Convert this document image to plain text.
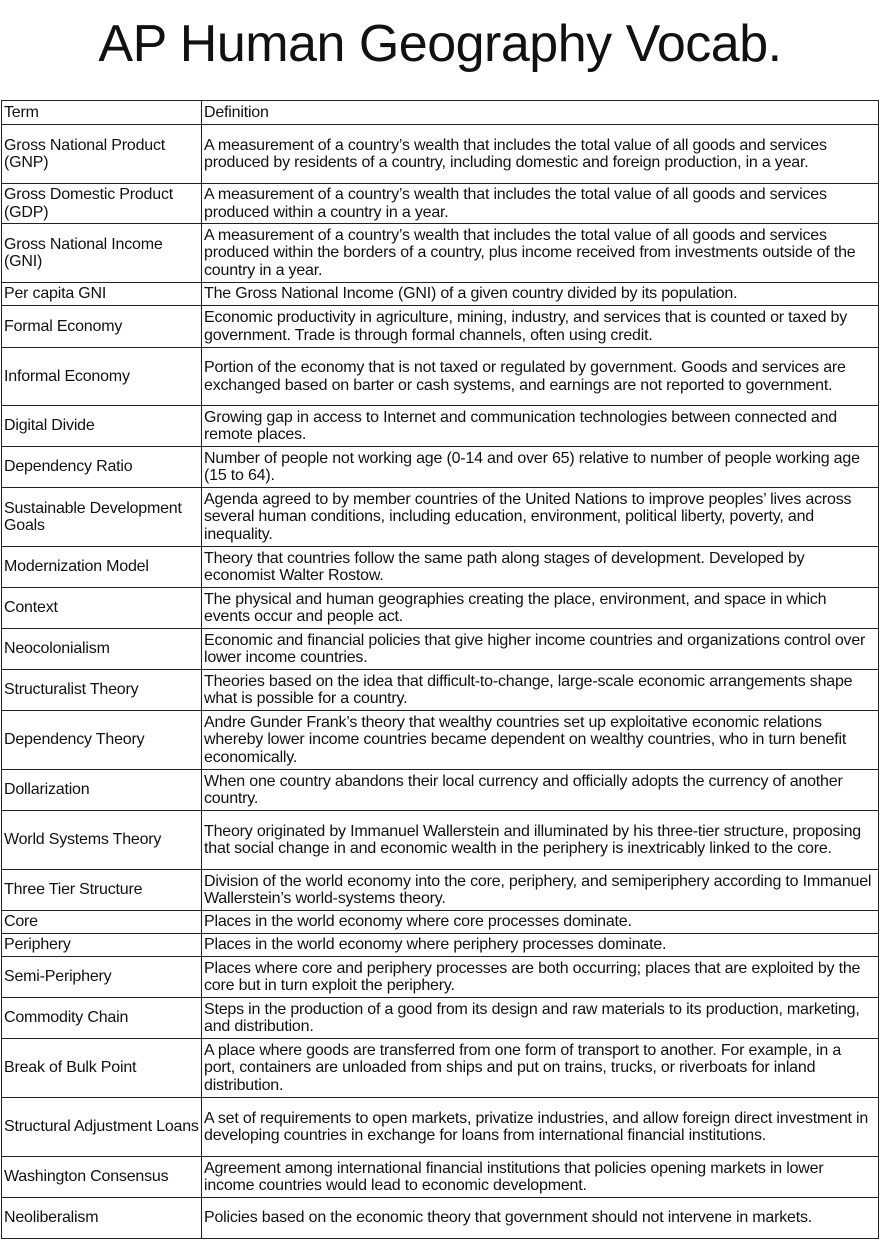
AP Human Geography Vocab.
Term	Definition
Gross National Product (GNP)	A measurement of a country’s wealth that includes the total value of all goods and services produced by residents of a country, including domestic and foreign production, in a year.
Gross Domestic Product (GDP)	A measurement of a country’s wealth that includes the total value of all goods and services produced within a country in a year.
Gross National Income (GNI)	A measurement of a country’s wealth that includes the total value of all goods and services produced within the borders of a country, plus income received from investments outside of the country in a year.
Per capita GNI	The Gross National Income (GNI) of a given country divided by its population.
Formal Economy	Economic productivity in agriculture, mining, industry, and services that is counted or taxed by government. Trade is through formal channels, often using credit.
Informal Economy	Portion of the economy that is not taxed or regulated by government. Goods and services are exchanged based on barter or cash systems, and earnings are not reported to government.
Digital Divide	Growing gap in access to Internet and communication technologies between connected and remote places.
Dependency Ratio	Number of people not working age (0-14 and over 65) relative to number of people working age (15 to 64).
Sustainable Development Goals	Agenda agreed to by member countries of the United Nations to improve peoples’ lives across several human conditions, including education, environment, political liberty, poverty, and inequality.
Modernization Model	Theory that countries follow the same path along stages of development. Developed by economist Walter Rostow.
Context	The physical and human geographies creating the place, environment, and space in which events occur and people act.
Neocolonialism	Economic and financial policies that give higher income countries and organizations control over lower income countries.
Structuralist Theory	Theories based on the idea that difficult-to-change, large-scale economic arrangements shape what is possible for a country.
Dependency Theory	Andre Gunder Frank’s theory that wealthy countries set up exploitative economic relations whereby lower income countries became dependent on wealthy countries, who in turn benefit economically.
Dollarization	When one country abandons their local currency and officially adopts the currency of another country.
World Systems Theory	Theory originated by Immanuel Wallerstein and illuminated by his three-tier structure, proposing that social change in and economic wealth in the periphery is inextricably linked to the core.
Three Tier Structure	Division of the world economy into the core, periphery, and semiperiphery according to Immanuel Wallerstein’s world-systems theory.
Core	Places in the world economy where core processes dominate.
Periphery	Places in the world economy where periphery processes dominate.
Semi-Periphery	Places where core and periphery processes are both occurring; places that are exploited by the core but in turn exploit the periphery.
Commodity Chain	Steps in the production of a good from its design and raw materials to its production, marketing, and distribution.
Break of Bulk Point	A place where goods are transferred from one form of transport to another. For example, in a port, containers are unloaded from ships and put on trains, trucks, or riverboats for inland distribution.
Structural Adjustment Loans	A set of requirements to open markets, privatize industries, and allow foreign direct investment in developing countries in exchange for loans from international financial institutions.
Washington Consensus	Agreement among international financial institutions that policies opening markets in lower income countries would lead to economic development.
Neoliberalism	Policies based on the economic theory that government should not intervene in markets.
